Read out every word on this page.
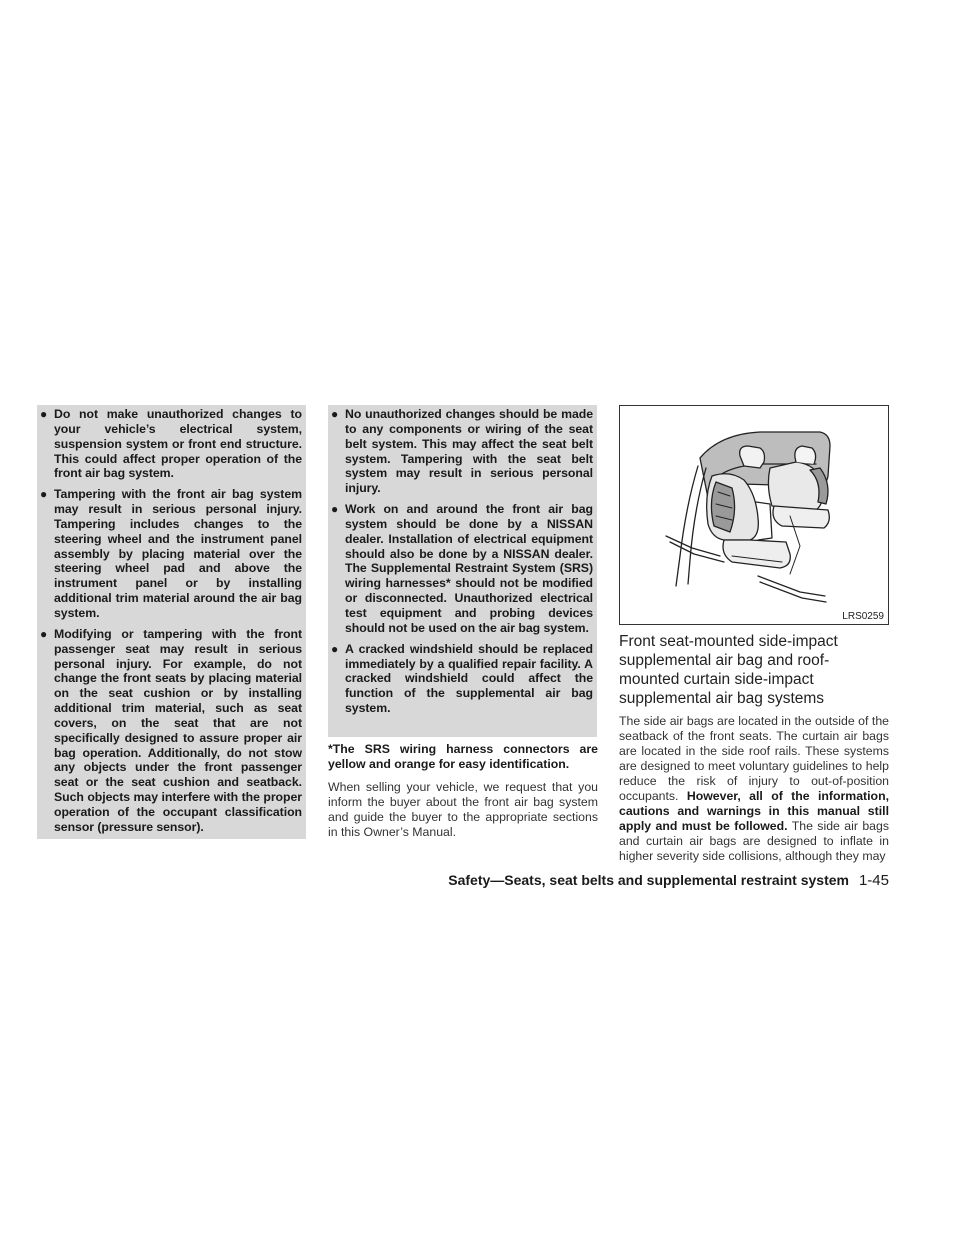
● Do not make unauthorized changes to your vehicle’s electrical system, suspension system or front end structure. This could affect proper operation of the front air bag system.
● Tampering with the front air bag system may result in serious personal injury. Tampering includes changes to the steering wheel and the instrument panel assembly by placing material over the steering wheel pad and above the instrument panel or by installing additional trim material around the air bag system.
● Modifying or tampering with the front passenger seat may result in serious personal injury. For example, do not change the front seats by placing material on the seat cushion or by installing additional trim material, such as seat covers, on the seat that are not specifically designed to assure proper air bag operation. Additionally, do not stow any objects under the front passenger seat or the seat cushion and seatback. Such objects may interfere with the proper operation of the occupant classification sensor (pressure sensor).
● No unauthorized changes should be made to any components or wiring of the seat belt system. This may affect the seat belt system. Tampering with the seat belt system may result in serious personal injury.
● Work on and around the front air bag system should be done by a NISSAN dealer. Installation of electrical equipment should also be done by a NISSAN dealer. The Supplemental Restraint System (SRS) wiring harnesses* should not be modified or disconnected. Unauthorized electrical test equipment and probing devices should not be used on the air bag system.
● A cracked windshield should be replaced immediately by a qualified repair facility. A cracked windshield could affect the function of the supplemental air bag system.
*The SRS wiring harness connectors are yellow and orange for easy identification.
When selling your vehicle, we request that you inform the buyer about the front air bag system and guide the buyer to the appropriate sections in this Owner’s Manual.
LRS0259
Front seat-mounted side-impact supplemental air bag and roof-mounted curtain side-impact supplemental air bag systems
The side air bags are located in the outside of the seatback of the front seats. The curtain air bags are located in the side roof rails. These systems are designed to meet voluntary guidelines to help reduce the risk of injury to out-of-position occupants. However, all of the information, cautions and warnings in this manual still apply and must be followed. The side air bags and curtain air bags are designed to inflate in higher severity side collisions, although they may
Safety—Seats, seat belts and supplemental restraint system 1-45
